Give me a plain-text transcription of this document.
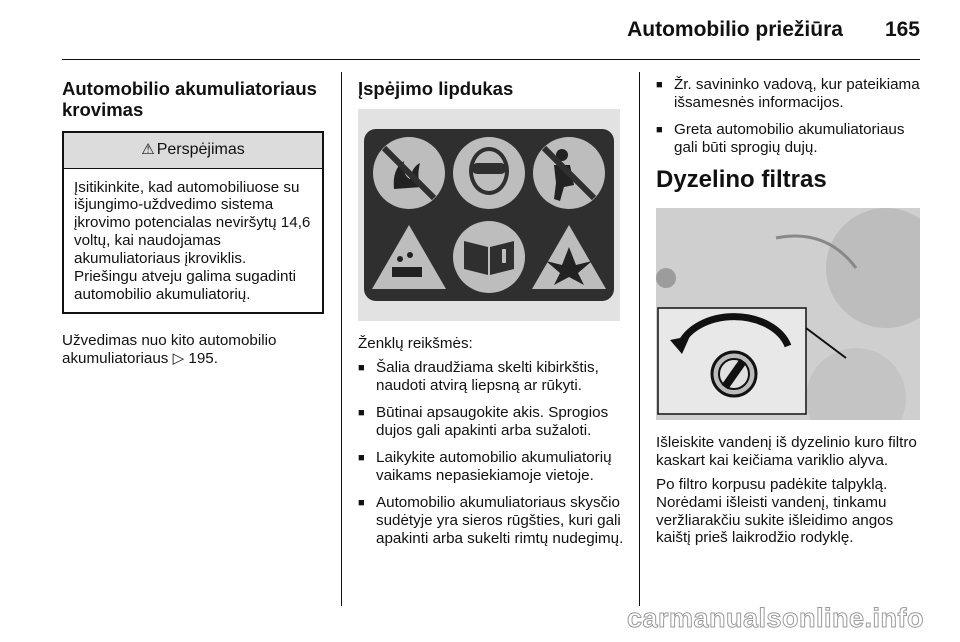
Automobilio priežiūra 165
Automobilio akumuliatoriaus krovimas
⚠ Perspėjimas
Įsitikinkite, kad automobiliuose su išjungimo-uždvedimo sistema įkrovimo potencialas neviršytų 14,6 voltų, kai naudojamas akumuliatoriaus įkroviklis. Priešingu atveju galima sugadinti automobilio akumuliatorių.

Užvedimas nuo kito automobilio akumuliatoriaus ▷ 195.

Įspėjimo lipdukas

Ženklų reikšmės:

■ Šalia draudžiama skelti kibirkštis, naudoti atvirą liepsną ar rūkyti.
■ Būtinai apsaugokite akis. Sprogios dujos gali apakinti arba sužaloti.
■ Laikykite automobilio akumuliatorių vaikams nepasiekiamoje vietoje.
■ Automobilio akumuliatoriaus skysčio sudėtyje yra sieros rūgšties, kuri gali apakinti arba sukelti rimtų nudegimų.
■ Žr. savininko vadovą, kur pateikiama išsamesnės informacijos.
■ Greta automobilio akumuliatoriaus gali būti sprogių dujų.
Dyzelino filtras

Išleiskite vandenį iš dyzelinio kuro filtro kaskart kai keičiama variklio alyva.

Po filtro korpusu padėkite talpyklą. Norėdami išleisti vandenį, tinkamu veržliarakčiu sukite išleidimo angos kaištį prieš laikrodžio rodyklę.

carmanualsonline.info
